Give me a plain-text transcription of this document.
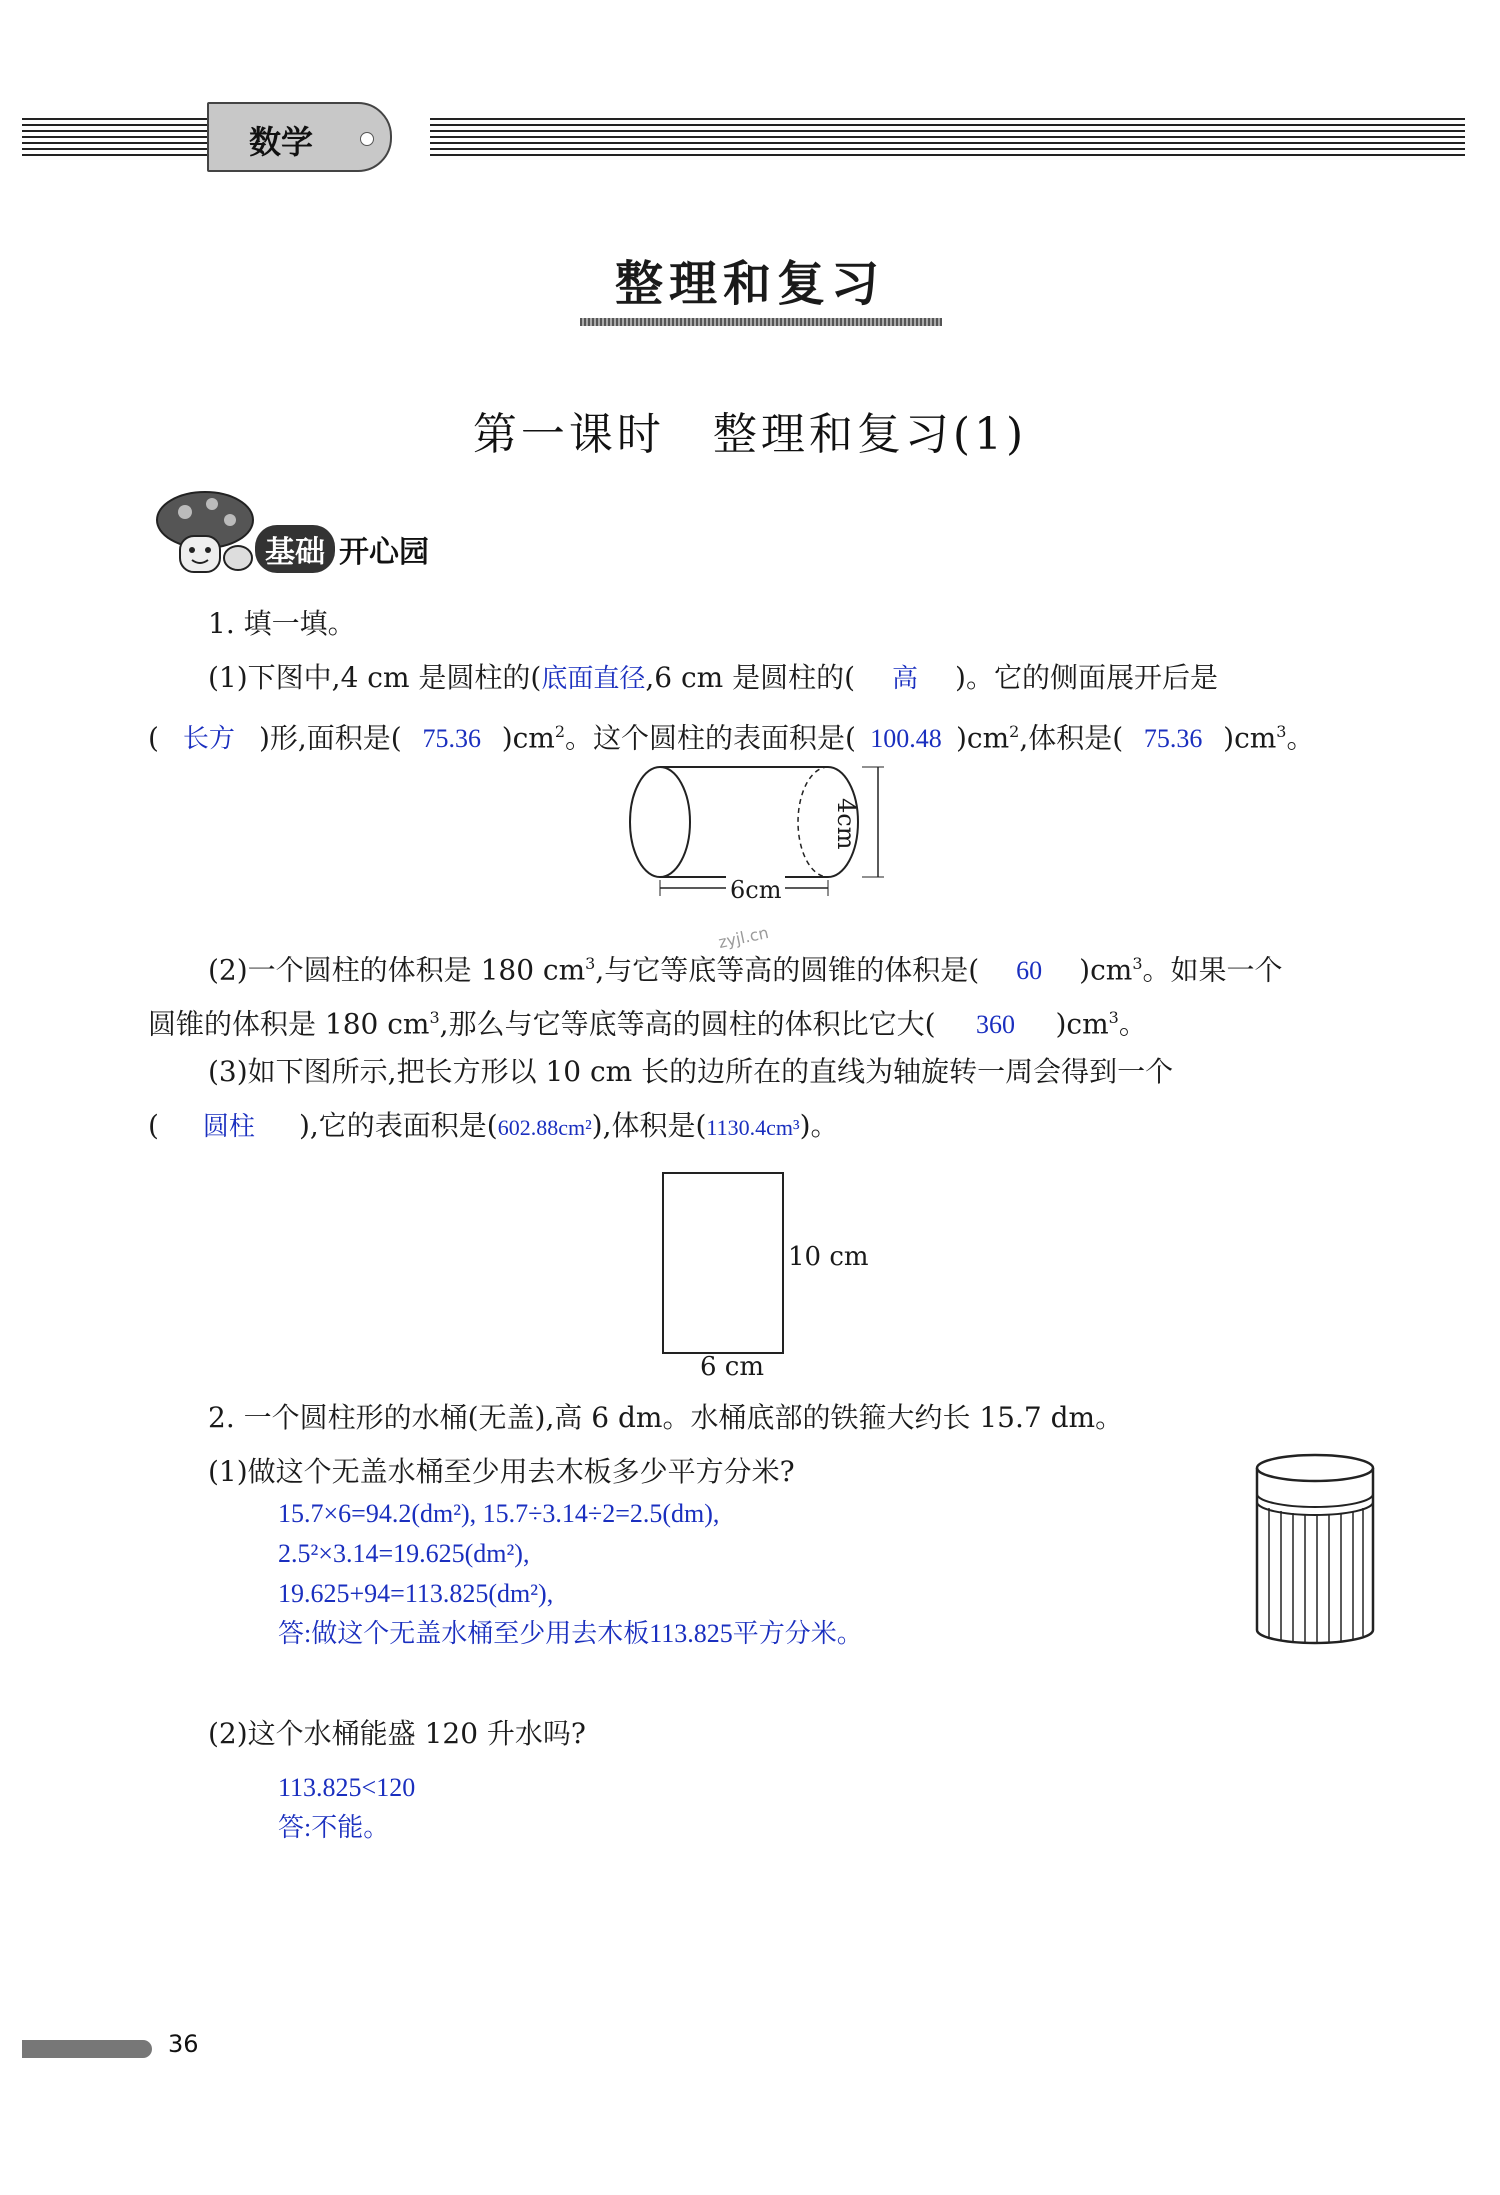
数学
整理和复习
第一课时　整理和复习(1)
基础 开心园
1. 填一填。
(1)下图中,4 cm 是圆柱的(底面直径,6 cm 是圆柱的( 高 )。它的侧面展开后是
( 长方 )形,面积是( 75.36 )$cm^2$。这个圆柱的表面积是( 100.48 )$cm^2$,体积是( 75.36 )$cm^3$。
4cm
6cm
zyjl.cn
(2)一个圆柱的体积是 180 $cm^3$,与它等底等高的圆锥的体积是( 60 )$cm^3$。如果一个
圆锥的体积是 180 $cm^3$,那么与它等底等高的圆柱的体积比它大( 360 )$cm^3$。
(3)如下图所示,把长方形以 10 cm 长的边所在的直线为轴旋转一周会得到一个
( 圆柱 ),它的表面积是(602.88cm²),体积是(1130.4cm³)。
10 cm
6 cm
2. 一个圆柱形的水桶(无盖),高 6 dm。水桶底部的铁箍大约长 15.7 dm。
(1)做这个无盖水桶至少用去木板多少平方分米?
15.7×6=94.2(dm²), 15.7÷3.14÷2=2.5(dm),
2.5²×3.14=19.625(dm²),
19.625+94=113.825(dm²),
答:做这个无盖水桶至少用去木板113.825平方分米。
(2)这个水桶能盛 120 升水吗?
113.825<120
答:不能。
36
